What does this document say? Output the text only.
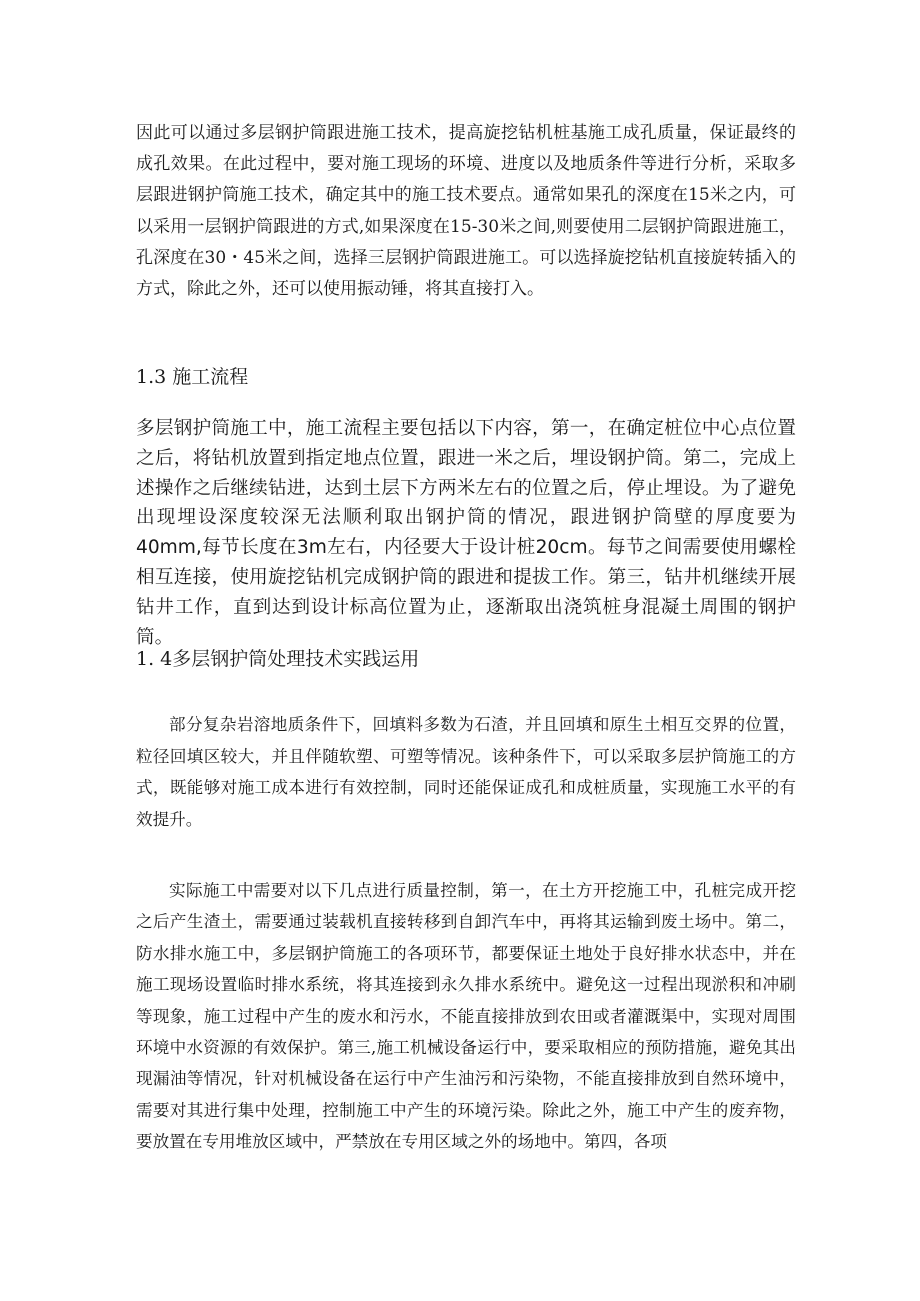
因此可以通过多层钢护筒跟进施工技术，提高旋挖钻机桩基施工成孔质量，保证最终的成孔效果。在此过程中，要对施工现场的环境、进度以及地质条件等进行分析，采取多层跟进钢护筒施工技术，确定其中的施工技术要点。通常如果孔的深度在15米之内，可以采用一层钢护筒跟进的方式,如果深度在15-30米之间,则要使用二层钢护筒跟进施工，孔深度在30・45米之间，选择三层钢护筒跟进施工。可以选择旋挖钻机直接旋转插入的方式，除此之外，还可以使用振动锤，将其直接打入。

1.3 施工流程

多层钢护筒施工中，施工流程主要包括以下内容，第一，在确定桩位中心点位置之后，将钻机放置到指定地点位置，跟进一米之后，埋设钢护筒。第二，完成上述操作之后继续钻进，达到土层下方两米左右的位置之后，停止埋设。为了避免出现埋设深度较深无法顺利取出钢护筒的情况，跟进钢护筒壁的厚度要为40mm,每节长度在3m左右，内径要大于设计桩20cm。每节之间需要使用螺栓相互连接，使用旋挖钻机完成钢护筒的跟进和提拔工作。第三，钻井机继续开展钻井工作，直到达到设计标高位置为止，逐渐取出浇筑桩身混凝土周围的钢护筒。

1. 4多层钢护筒处理技术实践运用

部分复杂岩溶地质条件下，回填料多数为石渣，并且回填和原生土相互交界的位置，粒径回填区较大，并且伴随软塑、可塑等情况。该种条件下，可以采取多层护筒施工的方式，既能够对施工成本进行有效控制，同时还能保证成孔和成桩质量，实现施工水平的有效提升。

实际施工中需要对以下几点进行质量控制，第一，在土方开挖施工中，孔桩完成开挖之后产生渣土，需要通过装载机直接转移到自卸汽车中，再将其运输到废土场中。第二，防水排水施工中，多层钢护筒施工的各项环节，都要保证土地处于良好排水状态中，并在施工现场设置临时排水系统，将其连接到永久排水系统中。避免这一过程出现淤积和冲刷等现象，施工过程中产生的废水和污水，不能直接排放到农田或者灌溉渠中，实现对周围环境中水资源的有效保护。第三,施工机械设备运行中，要采取相应的预防措施，避免其出现漏油等情况，针对机械设备在运行中产生油污和污染物，不能直接排放到自然环境中，需要对其进行集中处理，控制施工中产生的环境污染。除此之外，施工中产生的废弃物，要放置在专用堆放区域中，严禁放在专用区域之外的场地中。第四，各项
